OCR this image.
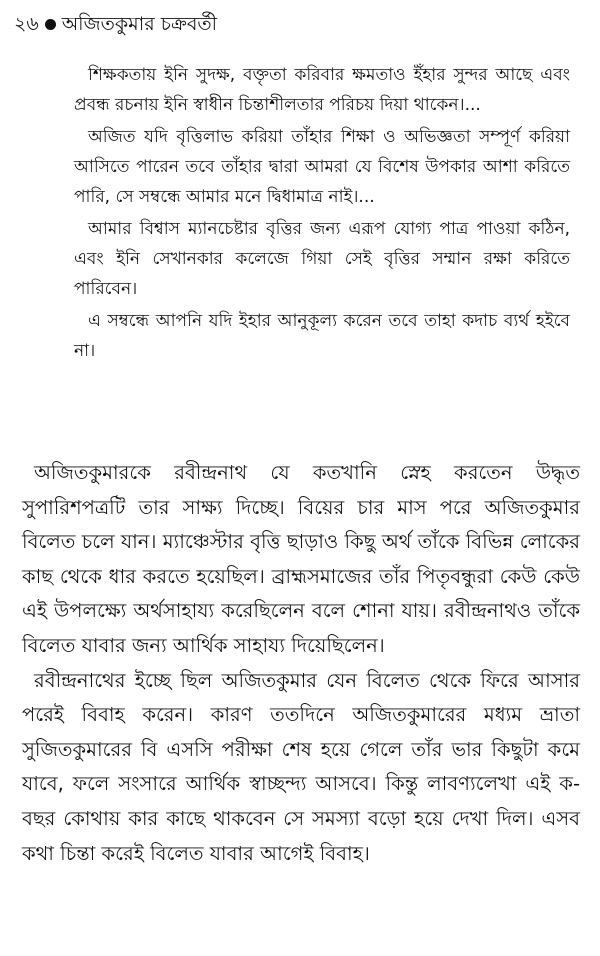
২৬ অজিতকুমার চক্রবর্তী

শিক্ষকতায় ইনি সুদক্ষ, বক্তৃতা করিবার ক্ষমতাও ইঁহার সুন্দর আছে এবং প্রবন্ধ রচনায় ইনি স্বাধীন চিন্তাশীলতার পরিচয় দিয়া থাকেন।...

অজিত যদি বৃত্তিলাভ করিয়া তাঁহার শিক্ষা ও অভিজ্ঞতা সম্পূর্ণ করিয়া আসিতে পারেন তবে তাঁহার দ্বারা আমরা যে বিশেষ উপকার আশা করিতে পারি, সে সম্বন্ধে আমার মনে দ্বিধামাত্র নাই।...

আমার বিশ্বাস ম্যানচেষ্টার বৃত্তির জন্য এরূপ যোগ্য পাত্র পাওয়া কঠিন, এবং ইনি সেখানকার কলেজে গিয়া সেই বৃত্তির সম্মান রক্ষা করিতে পারিবেন।

এ সম্বন্ধে আপনি যদি ইহার আনুকূল্য করেন তবে তাহা কদাচ ব্যর্থ হইবে না।

অজিতকুমারকে রবীন্দ্রনাথ যে কতখানি স্নেহ করতেন উদ্ধৃত সুপারিশপত্রটি তার সাক্ষ্য দিচ্ছে। বিয়ের চার মাস পরে অজিতকুমার বিলেত চলে যান। ম্যাঞ্চেস্টার বৃত্তি ছাড়াও কিছু অর্থ তাঁকে বিভিন্ন লোকের কাছ থেকে ধার করতে হয়েছিল। ব্রাহ্মসমাজের তাঁর পিতৃবন্ধুরা কেউ কেউ এই উপলক্ষ্যে অর্থসাহায্য করেছিলেন বলে শোনা যায়। রবীন্দ্রনাথও তাঁকে বিলেত যাবার জন্য আর্থিক সাহায্য দিয়েছিলেন।

রবীন্দ্রনাথের ইচ্ছে ছিল অজিতকুমার যেন বিলেত থেকে ফিরে আসার পরেই বিবাহ করেন। কারণ ততদিনে অজিতকুমারের মধ্যম ভ্রাতা সুজিতকুমারের বি এসসি পরীক্ষা শেষ হয়ে গেলে তাঁর ভার কিছুটা কমে যাবে, ফলে সংসারে আর্থিক স্বাচ্ছন্দ্য আসবে। কিন্তু লাবণ্যলেখা এই ক-বছর কোথায় কার কাছে থাকবেন সে সমস্যা বড়ো হয়ে দেখা দিল। এসব কথা চিন্তা করেই বিলেত যাবার আগেই বিবাহ।
